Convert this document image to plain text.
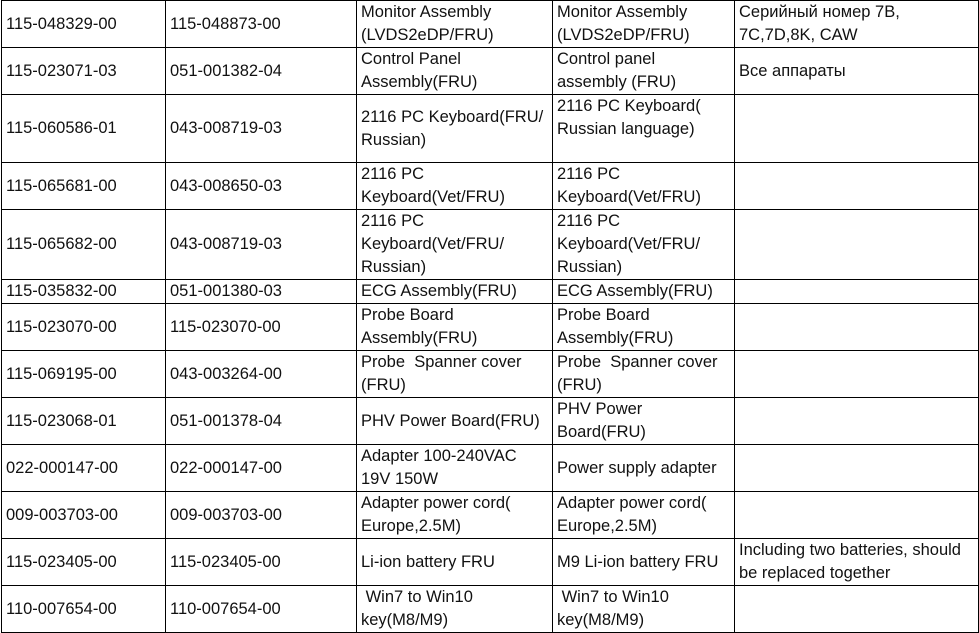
115-048329-00	115-048873-00	Monitor Assembly
(LVDS2eDP/FRU)	Monitor Assembly
(LVDS2eDP/FRU)	Серийный номер 7B,
7C,7D,8K, CAW
115-023071-03	051-001382-04	Control Panel
Assembly(FRU)	Control panel
assembly (FRU)	Все аппараты
115-060586-01	043-008719-03	2116 PC Keyboard(FRU/
Russian)	2116 PC Keyboard(
Russian language)	
115-065681-00	043-008650-03	2116 PC
Keyboard(Vet/FRU)	2116 PC
Keyboard(Vet/FRU)	
115-065682-00	043-008719-03	2116 PC
Keyboard(Vet/FRU/
Russian)	2116 PC
Keyboard(Vet/FRU/
Russian)	
115-035832-00	051-001380-03	ECG Assembly(FRU)	ECG Assembly(FRU)	
115-023070-00	115-023070-00	Probe Board
Assembly(FRU)	Probe Board
Assembly(FRU)	
115-069195-00	043-003264-00	Probe  Spanner cover
(FRU)	Probe  Spanner cover
(FRU)	
115-023068-01	051-001378-04	PHV Power Board(FRU)	PHV Power
Board(FRU)	
022-000147-00	022-000147-00	Adapter 100-240VAC
19V 150W	Power supply adapter	
009-003703-00	009-003703-00	Adapter power cord(
Europe,2.5M)	Adapter power cord(
Europe,2.5M)	
115-023405-00	115-023405-00	Li-ion battery FRU	M9 Li-ion battery FRU	Including two batteries, should
be replaced together
110-007654-00	110-007654-00	Win7 to Win10
key(M8/M9)	Win7 to Win10
key(M8/M9)	
